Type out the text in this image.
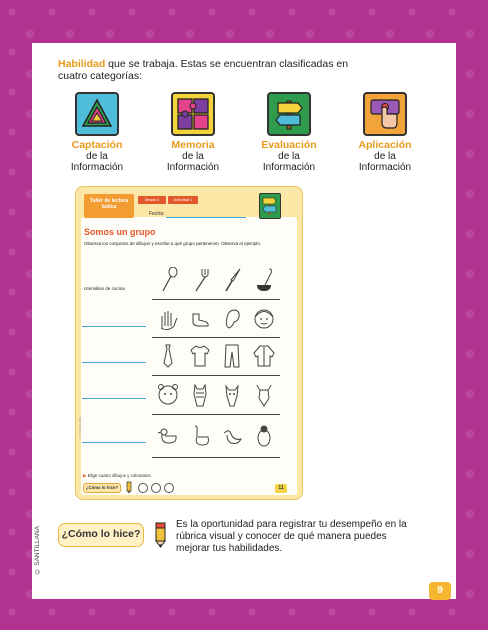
Habilidad que se trabaja. Estas se encuentran clasificadas en cuatro categorías:
Captación
de la
Información
Memoria
de la
Información
Evaluación
de la
Información
Aplicación
de la
Información
Taller de lectura lúdica
Sesión 4	Actividad 1
Fecha:
Somos un grupo
Observa los conjuntos de dibujos y escribe a qué grupo pertenecen. Observa el ejemplo.
Utensilios de cocina
© SANTILLANA
▶ Elige cuatro dibujos y colorealos.
¿Cómo lo hice?	11
© SANTILLANA	¿Cómo lo hice?
Es la oportunidad para registrar tu desempeño en la rúbrica visual y conocer de qué manera puedes mejorar tus habilidades.
9
